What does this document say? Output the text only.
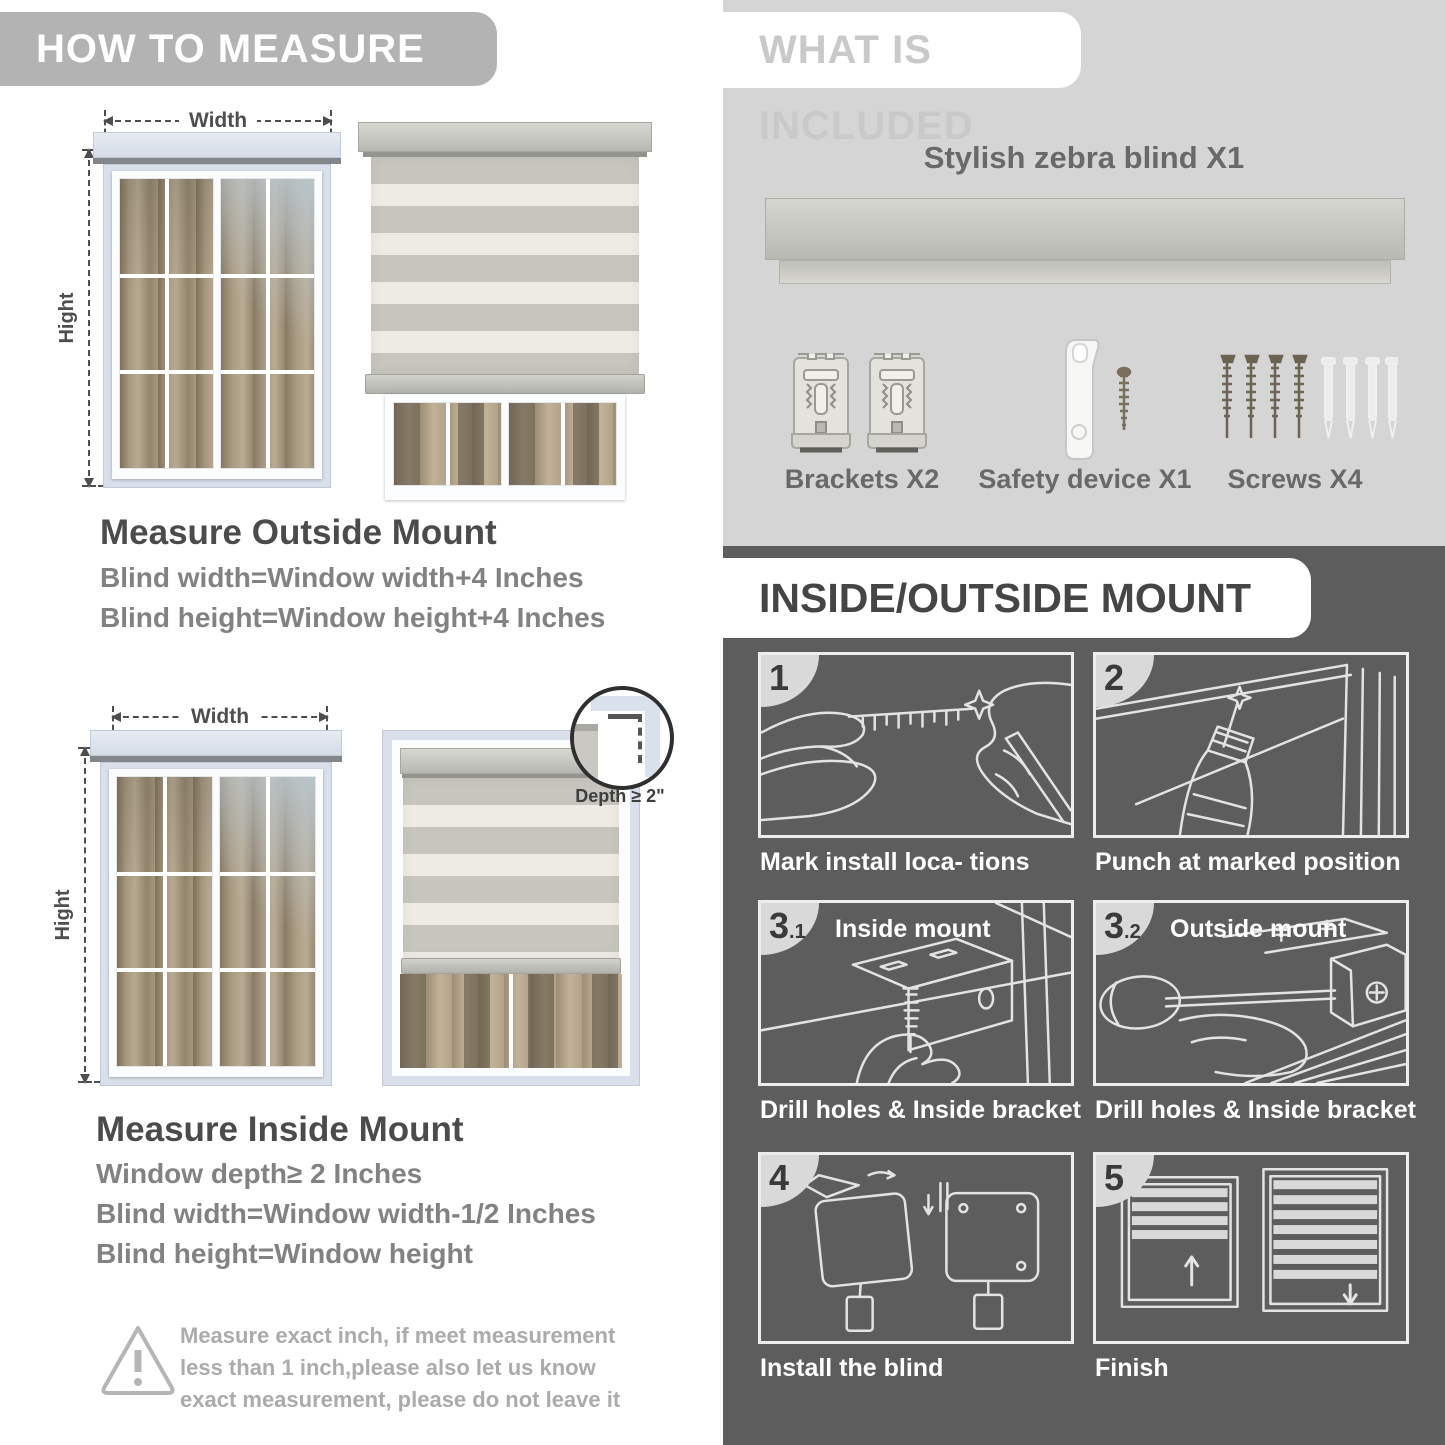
HOW TO MEASURE
Width
Hight
Measure Outside Mount
Blind width=Window width+4 Inches
Blind height=Window height+4 Inches
Width
Hight
Depth ≥ 2"
Measure Inside Mount
Window depth≥ 2 Inches
Blind width=Window width-1/2 Inches
Blind height=Window height
Measure exact inch, if meet measurement less than 1 inch,please also let us know exact measurement, please do not leave it
WHAT IS INCLUDED
Stylish zebra blind X1
Brackets X2	Safety device X1	Screws X4
INSIDE/OUTSIDE MOUNT
1
Mark install loca- tions
2
Punch at marked position
3.1	Inside mount
Drill holes & Inside bracket
3.2	Outside mount
Drill holes & Inside bracket
4
Install the blind
5
Finish
